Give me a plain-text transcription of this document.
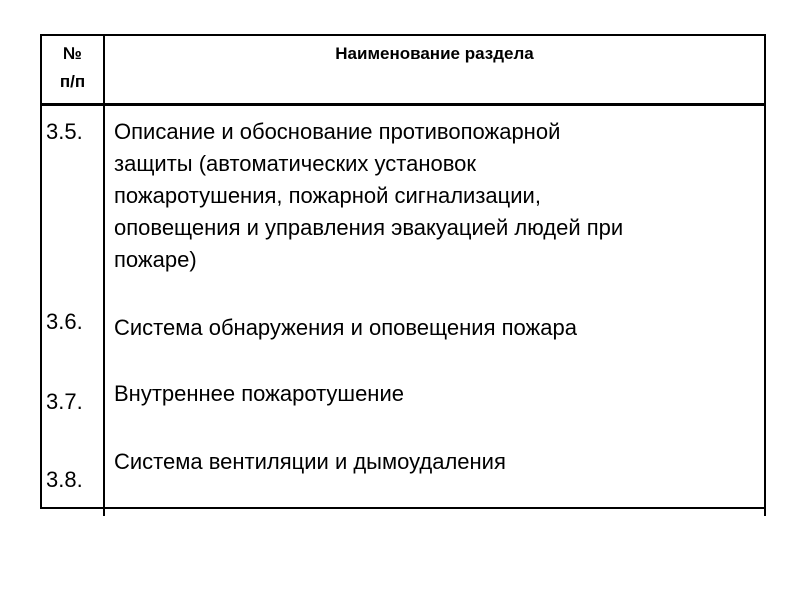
№
п/п
Наименование раздела
3.5. Описание и обоснование противопожарной
защиты (автоматических установок
пожаротушения, пожарной сигнализации,
оповещения и управления эвакуацией людей при
пожаре)
3.6. Система обнаружения и оповещения пожара
3.7. Внутреннее пожаротушение
3.8.
Система вентиляции и дымоудаления
